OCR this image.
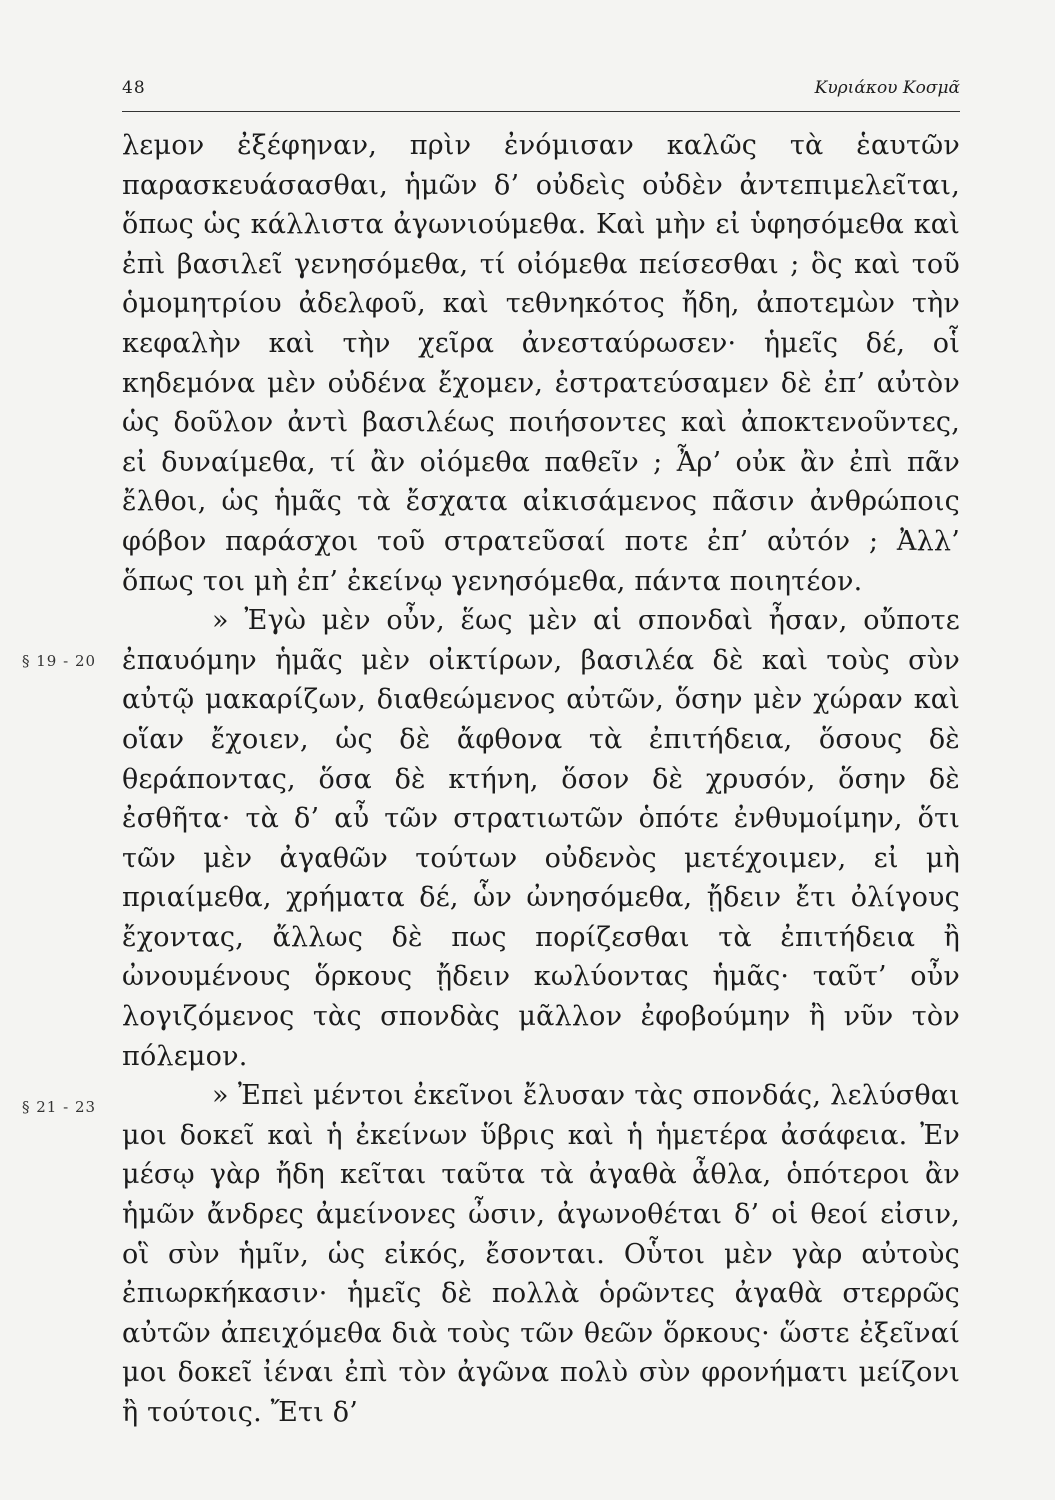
48	Κυριάκου Κοσμᾶ
§ 19 - 20
§ 21 - 23

λεμον ἐξέφηναν, πρὶν ἐνόμισαν καλῶς τὰ ἑαυτῶν παρασκευάσασθαι, ἡμῶν δ’ οὐδεὶς οὐδὲν ἀντεπιμελεῖται, ὅπως ὡς κάλλιστα ἀγωνιούμεθα. Καὶ μὴν εἰ ὑφησόμεθα καὶ ἐπὶ βασιλεῖ γενησόμεθα, τί οἰόμεθα πείσεσθαι ; ὃς καὶ τοῦ ὁμομητρίου ἀδελφοῦ, καὶ τεθνηκότος ἤδη, ἀποτεμὼν τὴν κεφαλὴν καὶ τὴν χεῖρα ἀνεσταύρωσεν· ἡμεῖς δέ, οἷ κηδεμόνα μὲν οὐδένα ἔχομεν, ἐστρατεύσαμεν δὲ ἐπ’ αὐτὸν ὡς δοῦλον ἀντὶ βασιλέως ποιήσοντες καὶ ἀποκτενοῦντες, εἰ δυναίμεθα, τί ἂν οἰόμεθα παθεῖν ; Ἆρ’ οὐκ ἂν ἐπὶ πᾶν ἔλθοι, ὡς ἡμᾶς τὰ ἔσχατα αἰκισάμενος πᾶσιν ἀνθρώποις φόβον παράσχοι τοῦ στρατεῦσαί ποτε ἐπ’ αὐτόν ; Ἀλλ’ ὅπως τοι μὴ ἐπ’ ἐκείνῳ γενησόμεθα, πάντα ποιητέον.

» Ἐγὼ μὲν οὖν, ἕως μὲν αἱ σπονδαὶ ἦσαν, οὔποτε ἐπαυόμην ἡμᾶς μὲν οἰκτίρων, βασιλέα δὲ καὶ τοὺς σὺν αὐτῷ μακαρίζων, διαθεώμενος αὐτῶν, ὅσην μὲν χώραν καὶ οἵαν ἔχοιεν, ὡς δὲ ἄφθονα τὰ ἐπιτήδεια, ὅσους δὲ θεράποντας, ὅσα δὲ κτήνη, ὅσον δὲ χρυσόν, ὅσην δὲ ἐσθῆτα· τὰ δ’ αὖ τῶν στρατιωτῶν ὁπότε ἐνθυμοίμην, ὅτι τῶν μὲν ἀγαθῶν τούτων οὐδενὸς μετέχοιμεν, εἰ μὴ πριαίμεθα, χρήματα δέ, ὧν ὠνησόμεθα, ᾔδειν ἔτι ὀλίγους ἔχοντας, ἄλλως δὲ πως πορίζεσθαι τὰ ἐπιτήδεια ἢ ὠνουμένους ὅρκους ᾔδειν κωλύοντας ἡμᾶς· ταῦτ’ οὖν λογιζόμενος τὰς σπονδὰς μᾶλλον ἐφοβούμην ἢ νῦν τὸν πόλεμον.

» Ἐπεὶ μέντοι ἐκεῖνοι ἔλυσαν τὰς σπονδάς, λελύσθαι μοι δοκεῖ καὶ ἡ ἐκείνων ὕβρις καὶ ἡ ἡμετέρα ἀσάφεια. Ἐν μέσῳ γὰρ ἤδη κεῖται ταῦτα τὰ ἀγαθὰ ἆθλα, ὁπότεροι ἂν ἡμῶν ἄνδρες ἀμείνονες ὦσιν, ἀγωνοθέται δ’ οἱ θεοί εἰσιν, οἳ σὺν ἡμῖν, ὡς εἰκός, ἔσονται. Οὗτοι μὲν γὰρ αὐτοὺς ἐπιωρκήκασιν· ἡμεῖς δὲ πολλὰ ὁρῶντες ἀγαθὰ στερρῶς αὐτῶν ἀπειχόμεθα διὰ τοὺς τῶν θεῶν ὅρκους· ὥστε ἐξεῖναί μοι δοκεῖ ἰέναι ἐπὶ τὸν ἀγῶνα πολὺ σὺν φρονήματι μείζονι ἢ τούτοις. Ἔτι δ’
